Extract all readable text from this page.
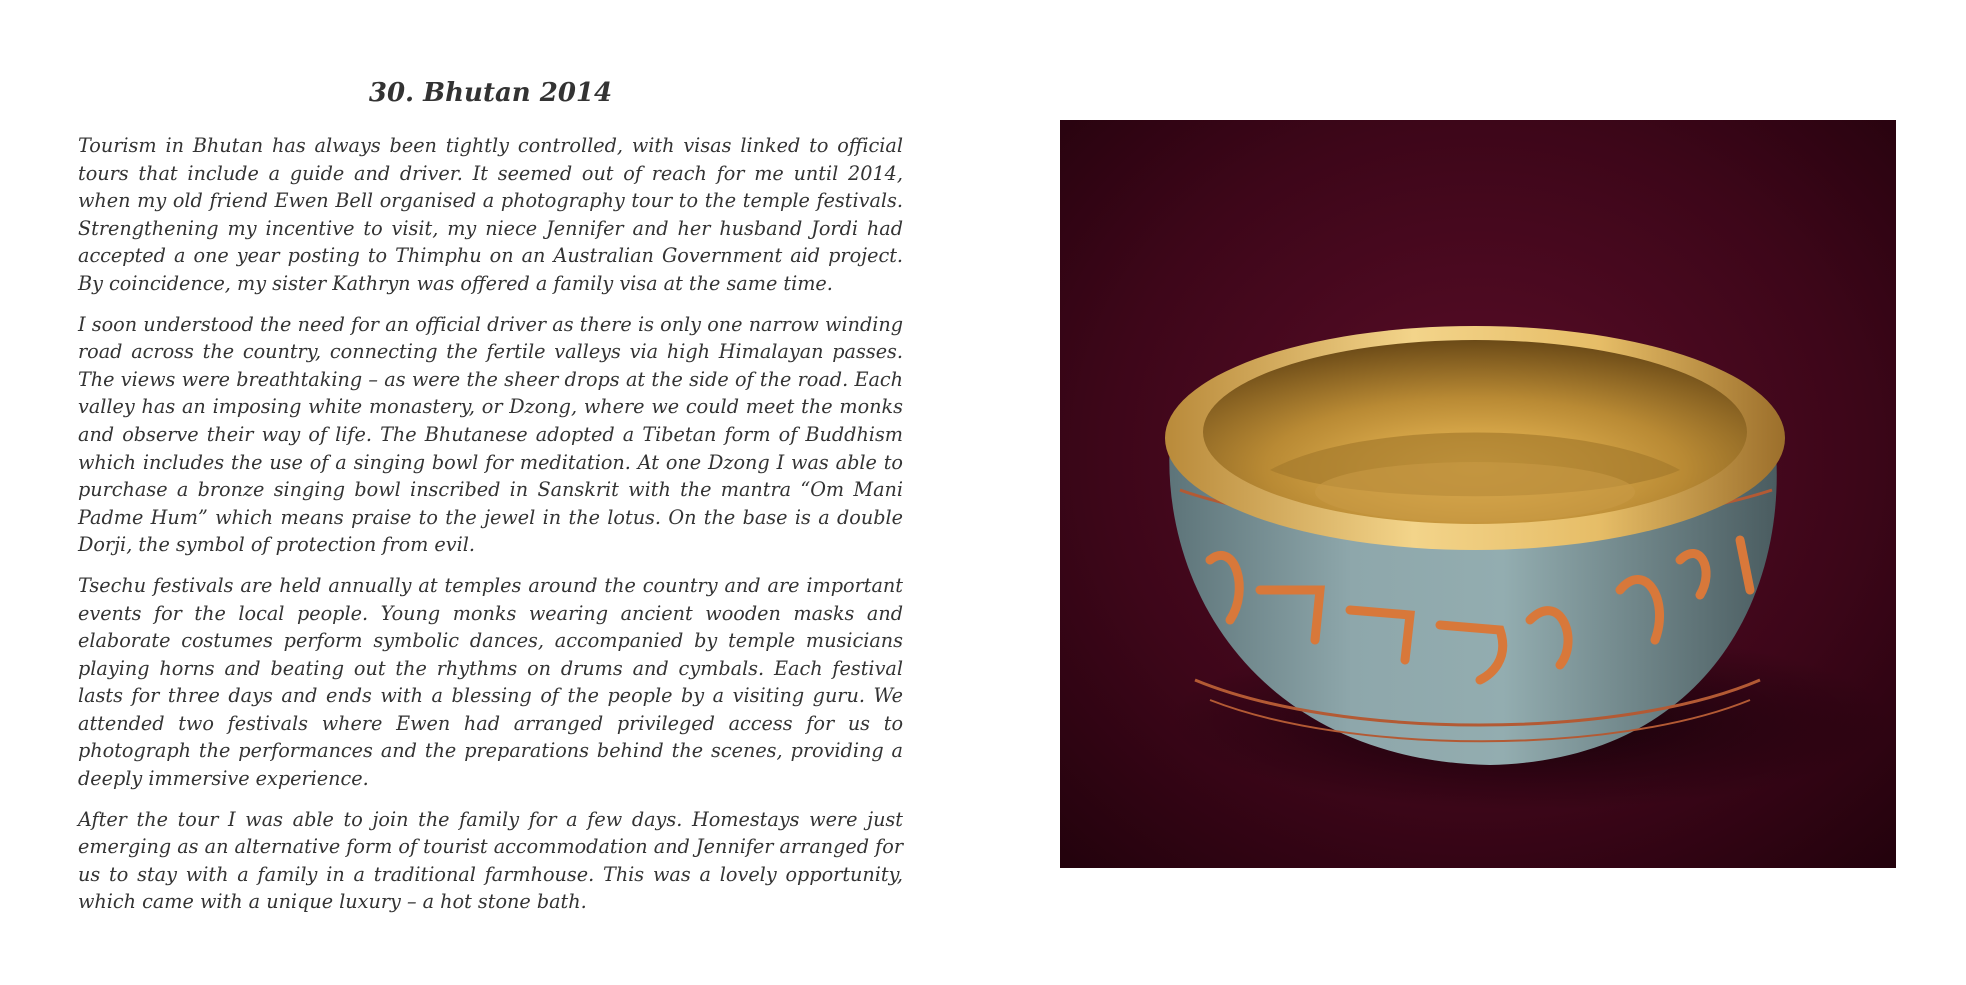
30. Bhutan 2014

Tourism in Bhutan has always been tightly controlled, with visas linked to official tours that include a guide and driver. It seemed out of reach for me until 2014, when my old friend Ewen Bell organised a photography tour to the temple festivals. Strengthening my incentive to visit, my niece Jennifer and her husband Jordi had accepted a one year posting to Thimphu on an Australian Government aid project. By coincidence, my sister Kathryn was offered a family visa at the same time.

I soon understood the need for an official driver as there is only one narrow winding road across the country, connecting the fertile valleys via high Himalayan passes. The views were breathtaking – as were the sheer drops at the side of the road. Each valley has an imposing white monastery, or Dzong, where we could meet the monks and observe their way of life. The Bhutanese adopted a Tibetan form of Buddhism which includes the use of a singing bowl for meditation. At one Dzong I was able to purchase a bronze singing bowl inscribed in Sanskrit with the mantra “Om Mani Padme Hum” which means praise to the jewel in the lotus. On the base is a double Dorji, the symbol of protection from evil.

Tsechu festivals are held annually at temples around the country and are important events for the local people. Young monks wearing ancient wooden masks and elaborate costumes perform symbolic dances, accompanied by temple musicians playing horns and beating out the rhythms on drums and cymbals. Each festival lasts for three days and ends with a blessing of the people by a visiting guru. We attended two festivals where Ewen had arranged privileged access for us to photograph the performances and the preparations behind the scenes, providing a deeply immersive experience.

After the tour I was able to join the family for a few days. Homestays were just emerging as an alternative form of tourist accommodation and Jennifer arranged for us to stay with a family in a traditional farmhouse. This was a lovely opportunity, which came with a unique luxury – a hot stone bath.
